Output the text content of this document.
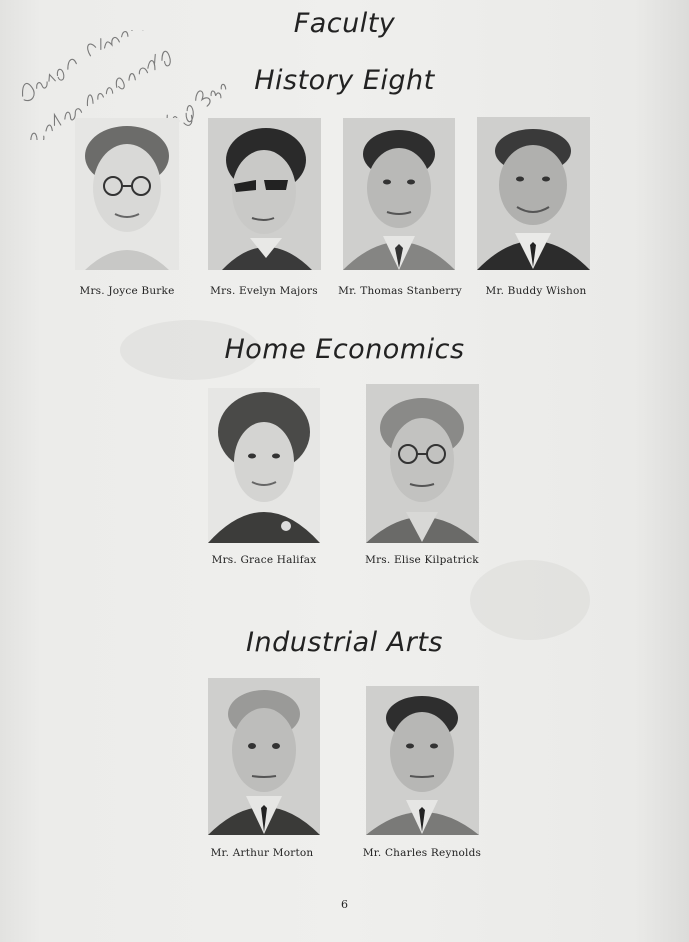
Faculty
History Eight
Mrs. Joyce Burke	Mrs. Evelyn Majors Mr. Thomas Stanberry Mr. Buddy Wishon
Home Economics
Mrs. Grace Halifax	Mrs. Elise Kilpatrick
Industrial Arts
Mr. Arthur Morton	Mr. Charles Reynolds
6
